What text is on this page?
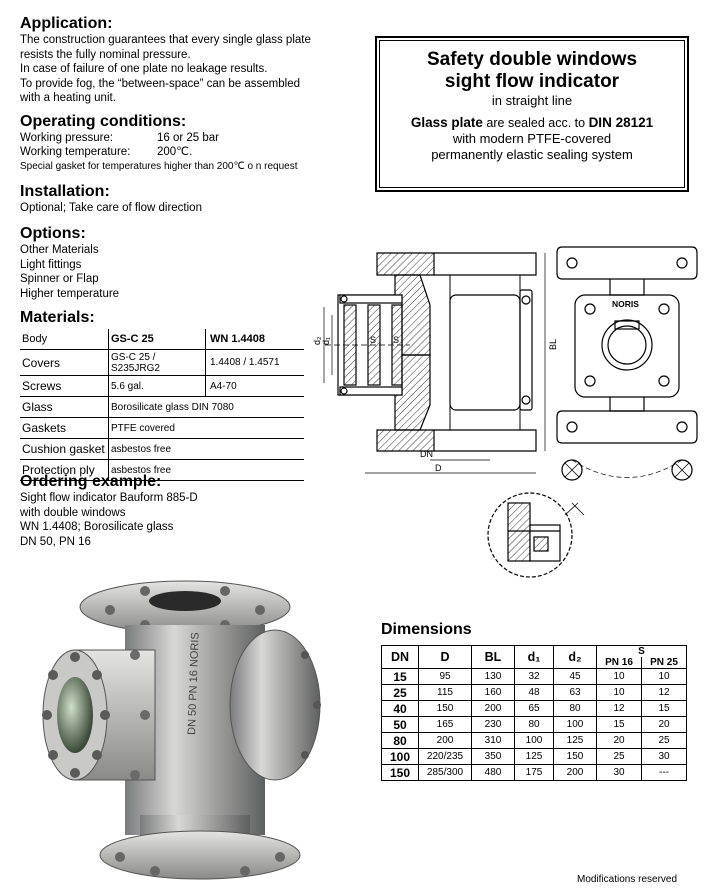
Application:
The construction guarantees that every single glass plate
resists the fully nominal pressure.
In case of failure of one plate no leakage results.
To provide fog, the “between-space” can be assembled
with a heating unit.
Operating conditions:
Working pressure:	16 or 25 bar
Working temperature: 200℃.
Special gasket for temperatures higher than 200℃ o n request
Installation:
Optional; Take care of flow direction
Options:
Other Materials
Light fittings
Spinner or Flap
Higher temperature
Materials:
Body	GS-C 25	WN 1.4408
Covers	GS-C 25 / S235JRG2	1.4408 / 1.4571
Screws	5.6 gal.	A4-70
Glass	Borosilicate glass DIN 7080	
Gaskets	PTFE covered	
Cushion gasket	asbestos free	
Protection ply	asbestos free	
Ordering example:
Sight flow indicator Bauform 885-D
with double windows
WN 1.4408; Borosilicate glass
DN 50, PN 16
Safety double windows
sight flow indicator
in straight line
Glass plate are sealed acc. to DIN 28121
with modern PTFE-covered
permanently elastic sealing system
d₂ d₁	S S	BL
DN
D
NORIS
DN 50 PN 16 NORIS
Dimensions
DN	D	BL	d₁	d₂	S	
					PN 16	PN 25
15	95	130	32	45	10	10
25	115	160	48	63	10	12
40	150	200	65	80	12	15
50	165	230	80	100	15	20
80	200	310	100	125	20	25
100	220/235	350	125	150	25	30
150	285/300	480	175	200	30	---
Modifications reserved
